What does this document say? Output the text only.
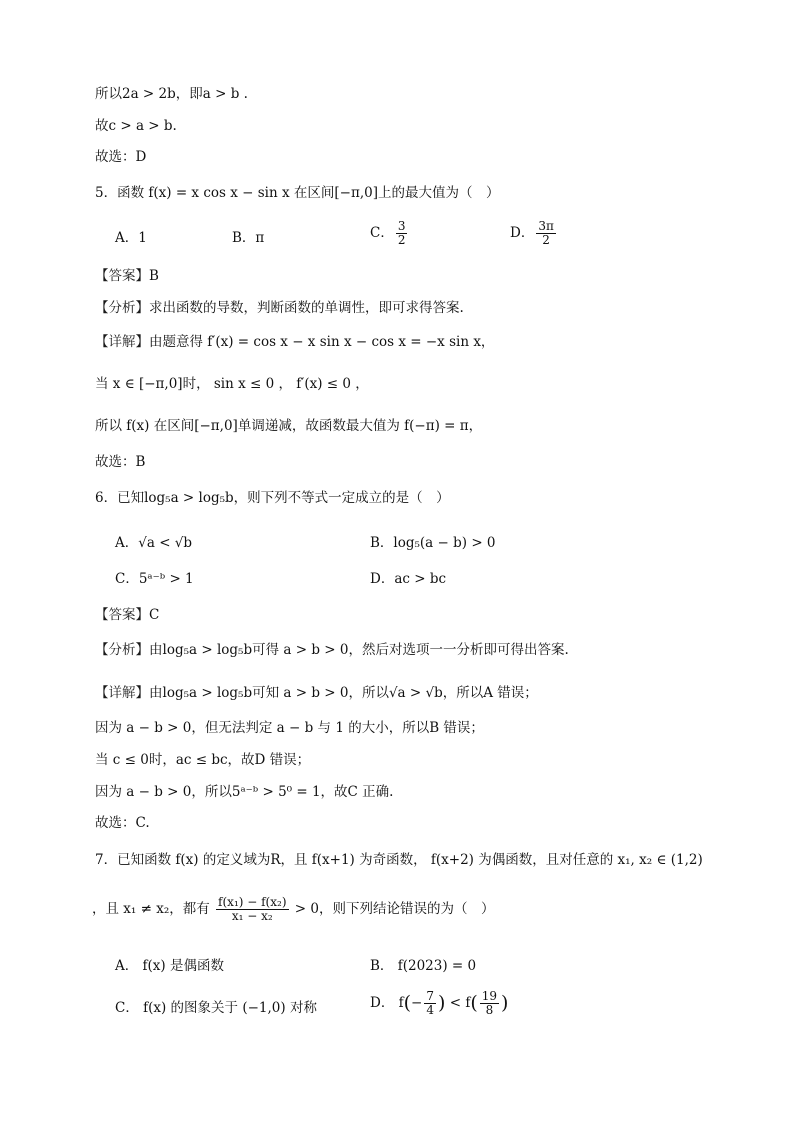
所以2a > 2b，即a > b .
故c > a > b.
故选：D
5．函数 f(x) = x cos x − sin x 在区间[−π,0]上的最大值为（　）
A．1	B．π	C． $\frac{3}{2}$	D． $\frac{3\pi}{2}$
【答案】B
【分析】求出函数的导数，判断函数的单调性，即可求得答案.
【详解】由题意得 f′(x) = cos x − x sin x − cos x = −x sin x，
当 x ∈ [−π,0]时， sin x ≤ 0 ， f′(x) ≤ 0 ，
所以 f(x) 在区间[−π,0]单调递减，故函数最大值为 f(−π) = π，
故选：B
6．已知log₅a > log₅b，则下列不等式一定成立的是（　）
A．√a < √b	B．log₅(a − b) > 0
C．5ᵃ⁻ᵇ > 1	D．ac > bc
【答案】C
【分析】由log₅a > log₅b可得 a > b > 0，然后对选项一一分析即可得出答案.
【详解】由log₅a > log₅b可知 a > b > 0，所以√a > √b，所以A 错误；
因为 a − b > 0，但无法判定 a − b 与 1 的大小，所以B 错误；
当 c ≤ 0时，ac ≤ bc，故D 错误；
因为 a − b > 0，所以5ᵃ⁻ᵇ > 5⁰ = 1，故C 正确.
故选：C.
7．已知函数 f(x) 的定义域为R，且 f(x+1) 为奇函数， f(x+2) 为偶函数，且对任意的 x₁, x₂ ∈ (1,2)
，且 x₁ ≠ x₂，都有 $\frac{\text{f(x₁) − f(x₂)}}{\text{x₁ − x₂}} > 0$，则下列结论错误的为（　）
A． f(x) 是偶函数	B． f(2023) = 0
C． f(x) 的图象关于 (−1,0) 对称	D． $f(- \frac{7}{4}$ ) < $f( \frac{19}{8}$ )
